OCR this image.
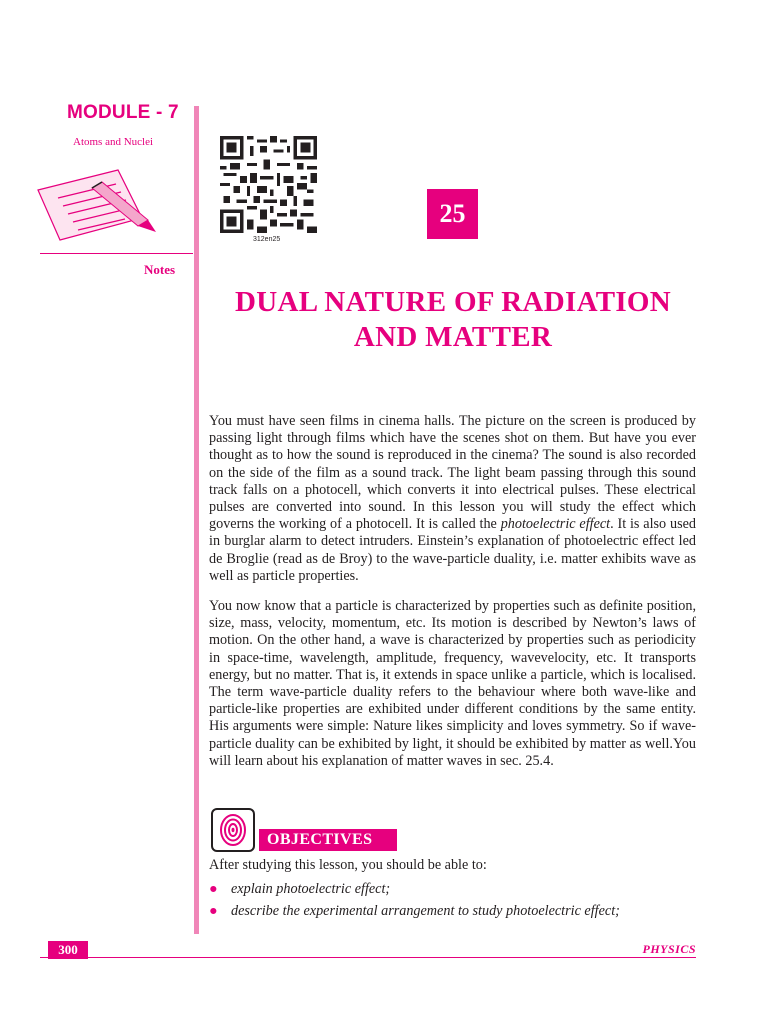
MODULE - 7
Atoms and Nuclei
Notes
312en25
25
DUAL NATURE OF RADIATION
AND MATTER

You must have seen films in cinema halls. The picture on the screen is produced by passing light through films which have the scenes shot on them. But have you ever thought as to how the sound is reproduced in the cinema? The sound is also recorded on the side of the film as a sound track. The light beam passing through this sound track falls on a photocell, which converts it into electrical pulses. These electrical pulses are converted into sound. In this lesson you will study the effect which governs the working of a photocell. It is called the photoelectric effect. It is also used in burglar alarm to detect intruders. Einstein’s explanation of photoelectric effect led de Broglie (read as de Broy) to the wave-particle duality, i.e. matter exhibits wave as well as particle properties.

You now know that a particle is characterized by properties such as definite position, size, mass, velocity, momentum, etc. Its motion is described by Newton’s laws of motion. On the other hand, a wave is characterized by properties such as periodicity in space-time, wavelength, amplitude, frequency, wavevelocity, etc. It transports energy, but no matter. That is, it extends in space unlike a particle, which is localised. The term wave-particle duality refers to the behaviour where both wave-like and particle-like properties are exhibited under different conditions by the same entity. His arguments were simple: Nature likes simplicity and loves symmetry. So if wave-particle duality can be exhibited by light, it should be exhibited by matter as well.You will learn about his explanation of matter waves in sec. 25.4.

OBJECTIVES
After studying this lesson, you should be able to:
● explain photoelectric effect;
● describe the experimental arrangement to study photoelectric effect;
300	PHYSICS
